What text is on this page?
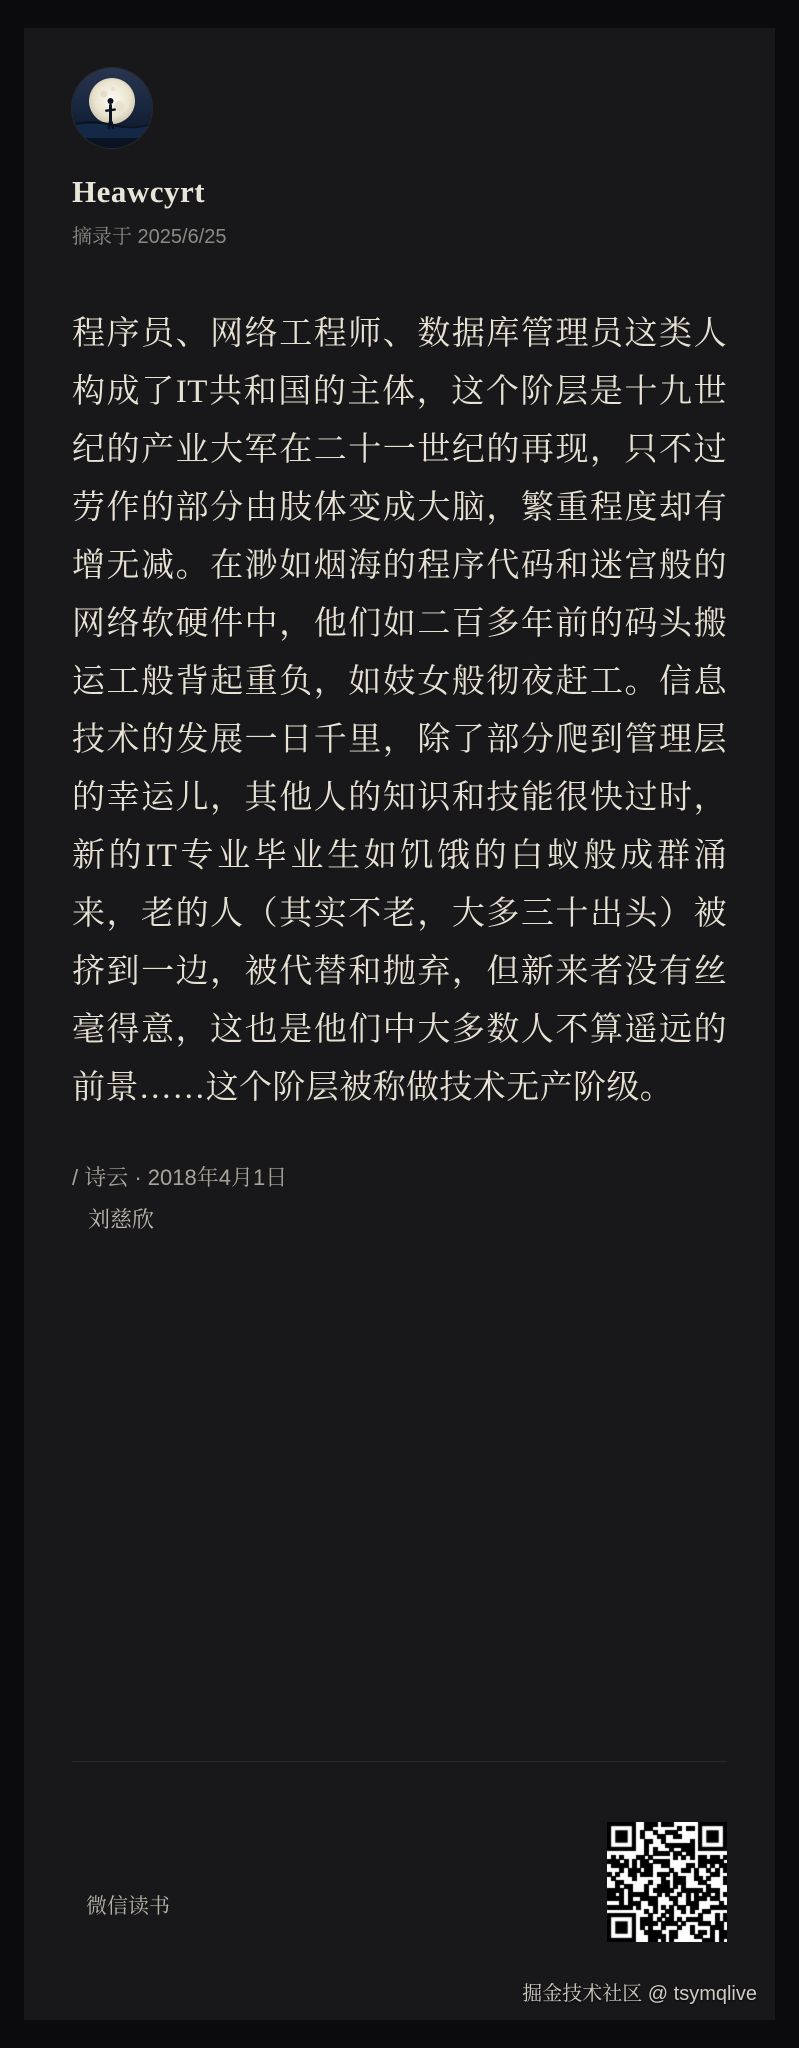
Heawcyrt
摘录于 2025/6/25
程序员、网络工程师、数据库管理员这类人构成了IT共和国的主体，这个阶层是十九世纪的产业大军在二十一世纪的再现，只不过劳作的部分由肢体变成大脑，繁重程度却有增无减。在渺如烟海的程序代码和迷宫般的网络软硬件中，他们如二百多年前的码头搬运工般背起重负，如妓女般彻夜赶工。信息技术的发展一日千里，除了部分爬到管理层的幸运儿，其他人的知识和技能很快过时，新的IT专业毕业生如饥饿的白蚁般成群涌来，老的人（其实不老，大多三十出头）被挤到一边，被代替和抛弃，但新来者没有丝毫得意，这也是他们中大多数人不算遥远的前景……这个阶层被称做技术无产阶级。
/ 诗云 · 2018年4月1日
刘慈欣
微信读书
掘金技术社区 @ tsymqlive
